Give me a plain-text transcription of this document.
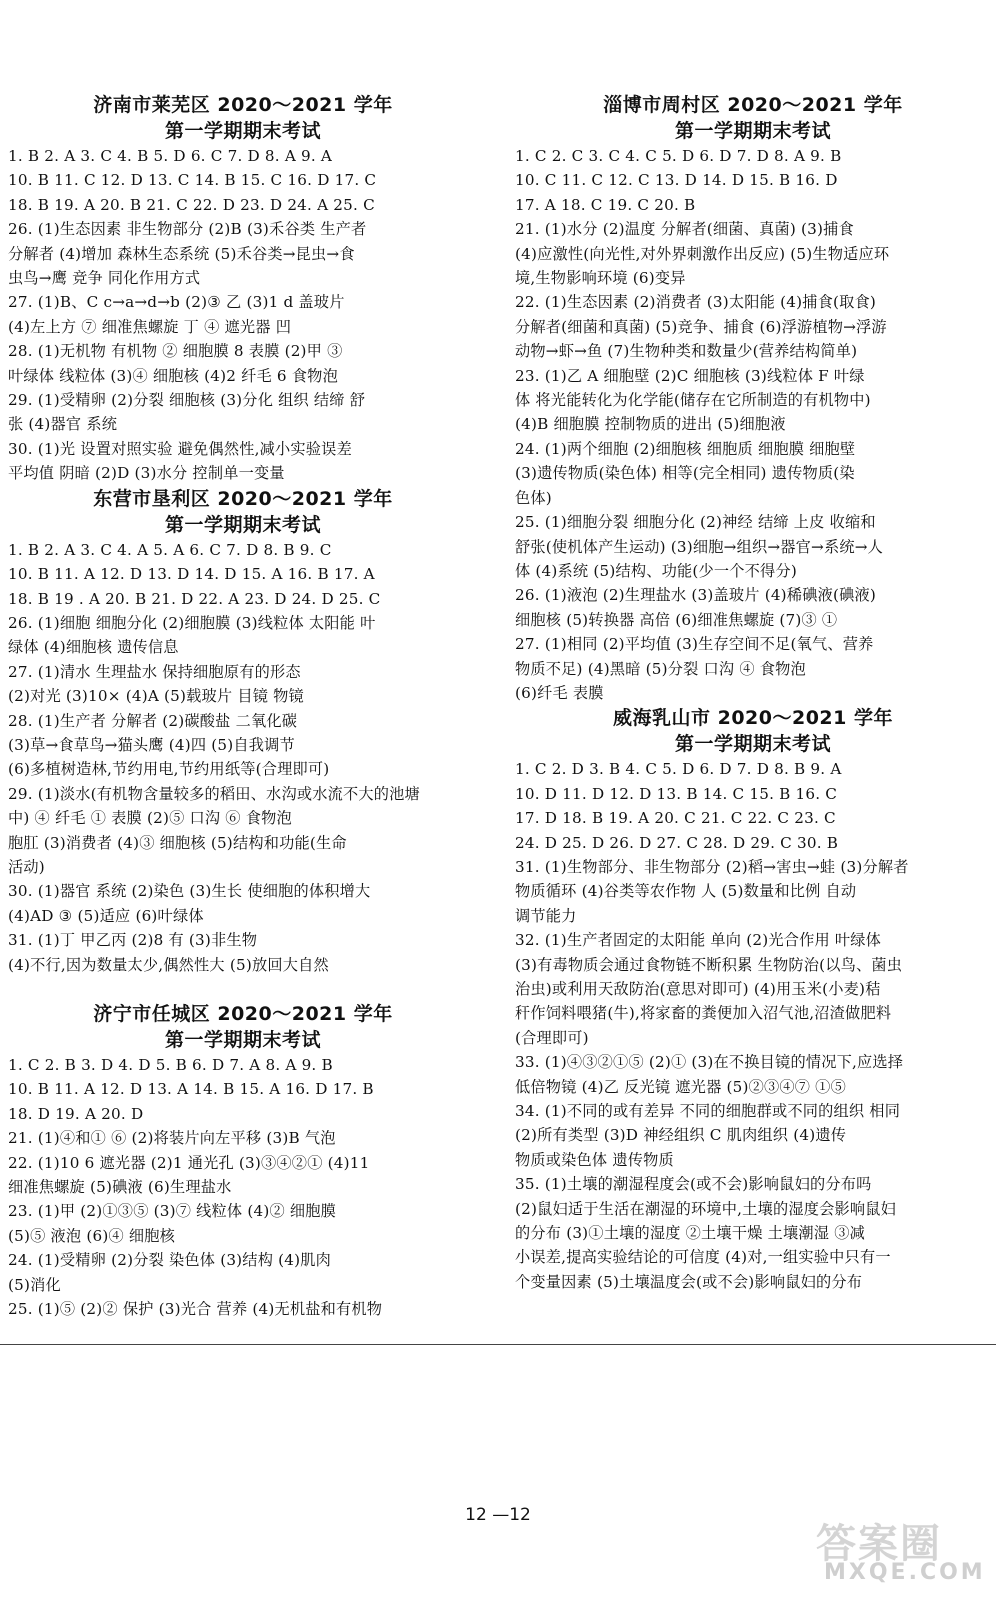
济南市莱芜区 2020～2021 学年
第一学期期末考试
1. B 2. A 3. C 4. B 5. D 6. C 7. D 8. A 9. A
10. B 11. C 12. D 13. C 14. B 15. C 16. D 17. C
18. B 19. A 20. B 21. C 22. D 23. D 24. A 25. C
26. (1)生态因素 非生物部分 (2)B (3)禾谷类 生产者
分解者 (4)增加 森林生态系统 (5)禾谷类→昆虫→食
虫鸟→鹰 竞争 同化作用方式
27. (1)B、C c→a→d→b (2)③ 乙 (3)1 d 盖玻片
(4)左上方 ⑦ 细准焦螺旋 丁 ④ 遮光器 凹
28. (1)无机物 有机物 ② 细胞膜 8 表膜 (2)甲 ③
叶绿体 线粒体 (3)④ 细胞核 (4)2 纤毛 6 食物泡
29. (1)受精卵 (2)分裂 细胞核 (3)分化 组织 结缔 舒
张 (4)器官 系统
30. (1)光 设置对照实验 避免偶然性,减小实验误差
平均值 阴暗 (2)D (3)水分 控制单一变量
东营市垦利区 2020～2021 学年
第一学期期末考试
1. B 2. A 3. C 4. A 5. A 6. C 7. D 8. B 9. C
10. B 11. A 12. D 13. D 14. D 15. A 16. B 17. A
18. B 19 . A 20. B 21. D 22. A 23. D 24. D 25. C
26. (1)细胞 细胞分化 (2)细胞膜 (3)线粒体 太阳能 叶
绿体 (4)细胞核 遗传信息
27. (1)清水 生理盐水 保持细胞原有的形态
(2)对光 (3)10× (4)A (5)载玻片 目镜 物镜
28. (1)生产者 分解者 (2)碳酸盐 二氧化碳
(3)草→食草鸟→猫头鹰 (4)四 (5)自我调节
(6)多植树造林,节约用电,节约用纸等(合理即可)
29. (1)淡水(有机物含量较多的稻田、水沟或水流不大的池塘
中) ④ 纤毛 ① 表膜 (2)⑤ 口沟 ⑥ 食物泡
胞肛 (3)消费者 (4)③ 细胞核 (5)结构和功能(生命
活动)
30. (1)器官 系统 (2)染色 (3)生长 使细胞的体积增大
(4)AD ③ (5)适应 (6)叶绿体
31. (1)丁 甲乙丙 (2)8 有 (3)非生物
(4)不行,因为数量太少,偶然性大 (5)放回大自然
济宁市任城区 2020～2021 学年
第一学期期末考试
1. C 2. B 3. D 4. D 5. B 6. D 7. A 8. A 9. B
10. B 11. A 12. D 13. A 14. B 15. A 16. D 17. B
18. D 19. A 20. D
21. (1)④和① ⑥ (2)将装片向左平移 (3)B 气泡
22. (1)10 6 遮光器 (2)1 通光孔 (3)③④②① (4)11
细准焦螺旋 (5)碘液 (6)生理盐水
23. (1)甲 (2)①③⑤ (3)⑦ 线粒体 (4)② 细胞膜
(5)⑤ 液泡 (6)④ 细胞核
24. (1)受精卵 (2)分裂 染色体 (3)结构 (4)肌肉
(5)消化
25. (1)⑤ (2)② 保护 (3)光合 营养 (4)无机盐和有机物
淄博市周村区 2020～2021 学年
第一学期期末考试
1. C 2. C 3. C 4. C 5. D 6. D 7. D 8. A 9. B
10. C 11. C 12. C 13. D 14. D 15. B 16. D
17. A 18. C 19. C 20. B
21. (1)水分 (2)温度 分解者(细菌、真菌) (3)捕食
(4)应激性(向光性,对外界刺激作出反应) (5)生物适应环
境,生物影响环境 (6)变异
22. (1)生态因素 (2)消费者 (3)太阳能 (4)捕食(取食)
分解者(细菌和真菌) (5)竞争、捕食 (6)浮游植物→浮游
动物→虾→鱼 (7)生物种类和数量少(营养结构简单)
23. (1)乙 A 细胞壁 (2)C 细胞核 (3)线粒体 F 叶绿
体 将光能转化为化学能(储存在它所制造的有机物中)
(4)B 细胞膜 控制物质的进出 (5)细胞液
24. (1)两个细胞 (2)细胞核 细胞质 细胞膜 细胞壁
(3)遗传物质(染色体) 相等(完全相同) 遗传物质(染
色体)
25. (1)细胞分裂 细胞分化 (2)神经 结缔 上皮 收缩和
舒张(使机体产生运动) (3)细胞→组织→器官→系统→人
体 (4)系统 (5)结构、功能(少一个不得分)
26. (1)液泡 (2)生理盐水 (3)盖玻片 (4)稀碘液(碘液)
细胞核 (5)转换器 高倍 (6)细准焦螺旋 (7)③ ①
27. (1)相同 (2)平均值 (3)生存空间不足(氧气、营养
物质不足) (4)黑暗 (5)分裂 口沟 ④ 食物泡
(6)纤毛 表膜
威海乳山市 2020～2021 学年
第一学期期末考试
1. C 2. D 3. B 4. C 5. D 6. D 7. D 8. B 9. A
10. D 11. D 12. D 13. B 14. C 15. B 16. C
17. D 18. B 19. A 20. C 21. C 22. C 23. C
24. D 25. D 26. D 27. C 28. D 29. C 30. B
31. (1)生物部分、非生物部分 (2)稻→害虫→蛙 (3)分解者
物质循环 (4)谷类等农作物 人 (5)数量和比例 自动
调节能力
32. (1)生产者固定的太阳能 单向 (2)光合作用 叶绿体
(3)有毒物质会通过食物链不断积累 生物防治(以鸟、菌虫
治虫)或利用天敌防治(意思对即可) (4)用玉米(小麦)秸
秆作饲料喂猪(牛),将家畜的粪便加入沼气池,沼渣做肥料
(合理即可)
33. (1)④③②①⑤ (2)① (3)在不换目镜的情况下,应选择
低倍物镜 (4)乙 反光镜 遮光器 (5)②③④⑦ ①⑤
34. (1)不同的或有差异 不同的细胞群或不同的组织 相同
(2)所有类型 (3)D 神经组织 C 肌肉组织 (4)遗传
物质或染色体 遗传物质
35. (1)土壤的潮湿程度会(或不会)影响鼠妇的分布吗
(2)鼠妇适于生活在潮湿的环境中,土壤的湿度会影响鼠妇
的分布 (3)①土壤的湿度 ②土壤干燥 土壤潮湿 ③减
小误差,提高实验结论的可信度 (4)对,一组实验中只有一
个变量因素 (5)土壤温度会(或不会)影响鼠妇的分布
12 —12
答案圈
MXQE.COM
